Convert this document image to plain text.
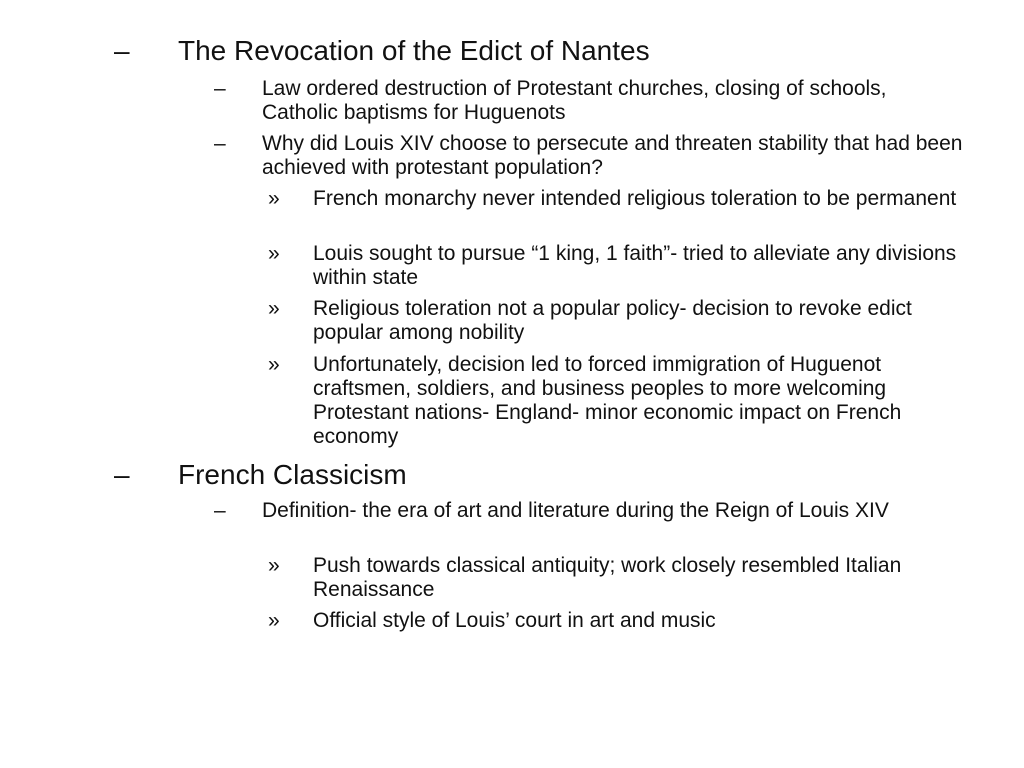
– The Revocation of the Edict of Nantes
– Law ordered destruction of Protestant churches, closing of schools, Catholic baptisms for Huguenots
– Why did Louis XIV choose to persecute and threaten stability that had been achieved with protestant population?
» French monarchy never intended religious toleration to be permanent
» Louis sought to pursue “1 king, 1 faith”- tried to alleviate any divisions within state
» Religious toleration not a popular policy- decision to revoke edict popular among nobility
» Unfortunately, decision led to forced immigration of Huguenot craftsmen, soldiers, and business peoples to more welcoming Protestant nations- England- minor economic impact on French economy
– French Classicism
– Definition- the era of art and literature during the Reign of Louis XIV
» Push towards classical antiquity; work closely resembled Italian Renaissance
» Official style of Louis’ court in art and music
